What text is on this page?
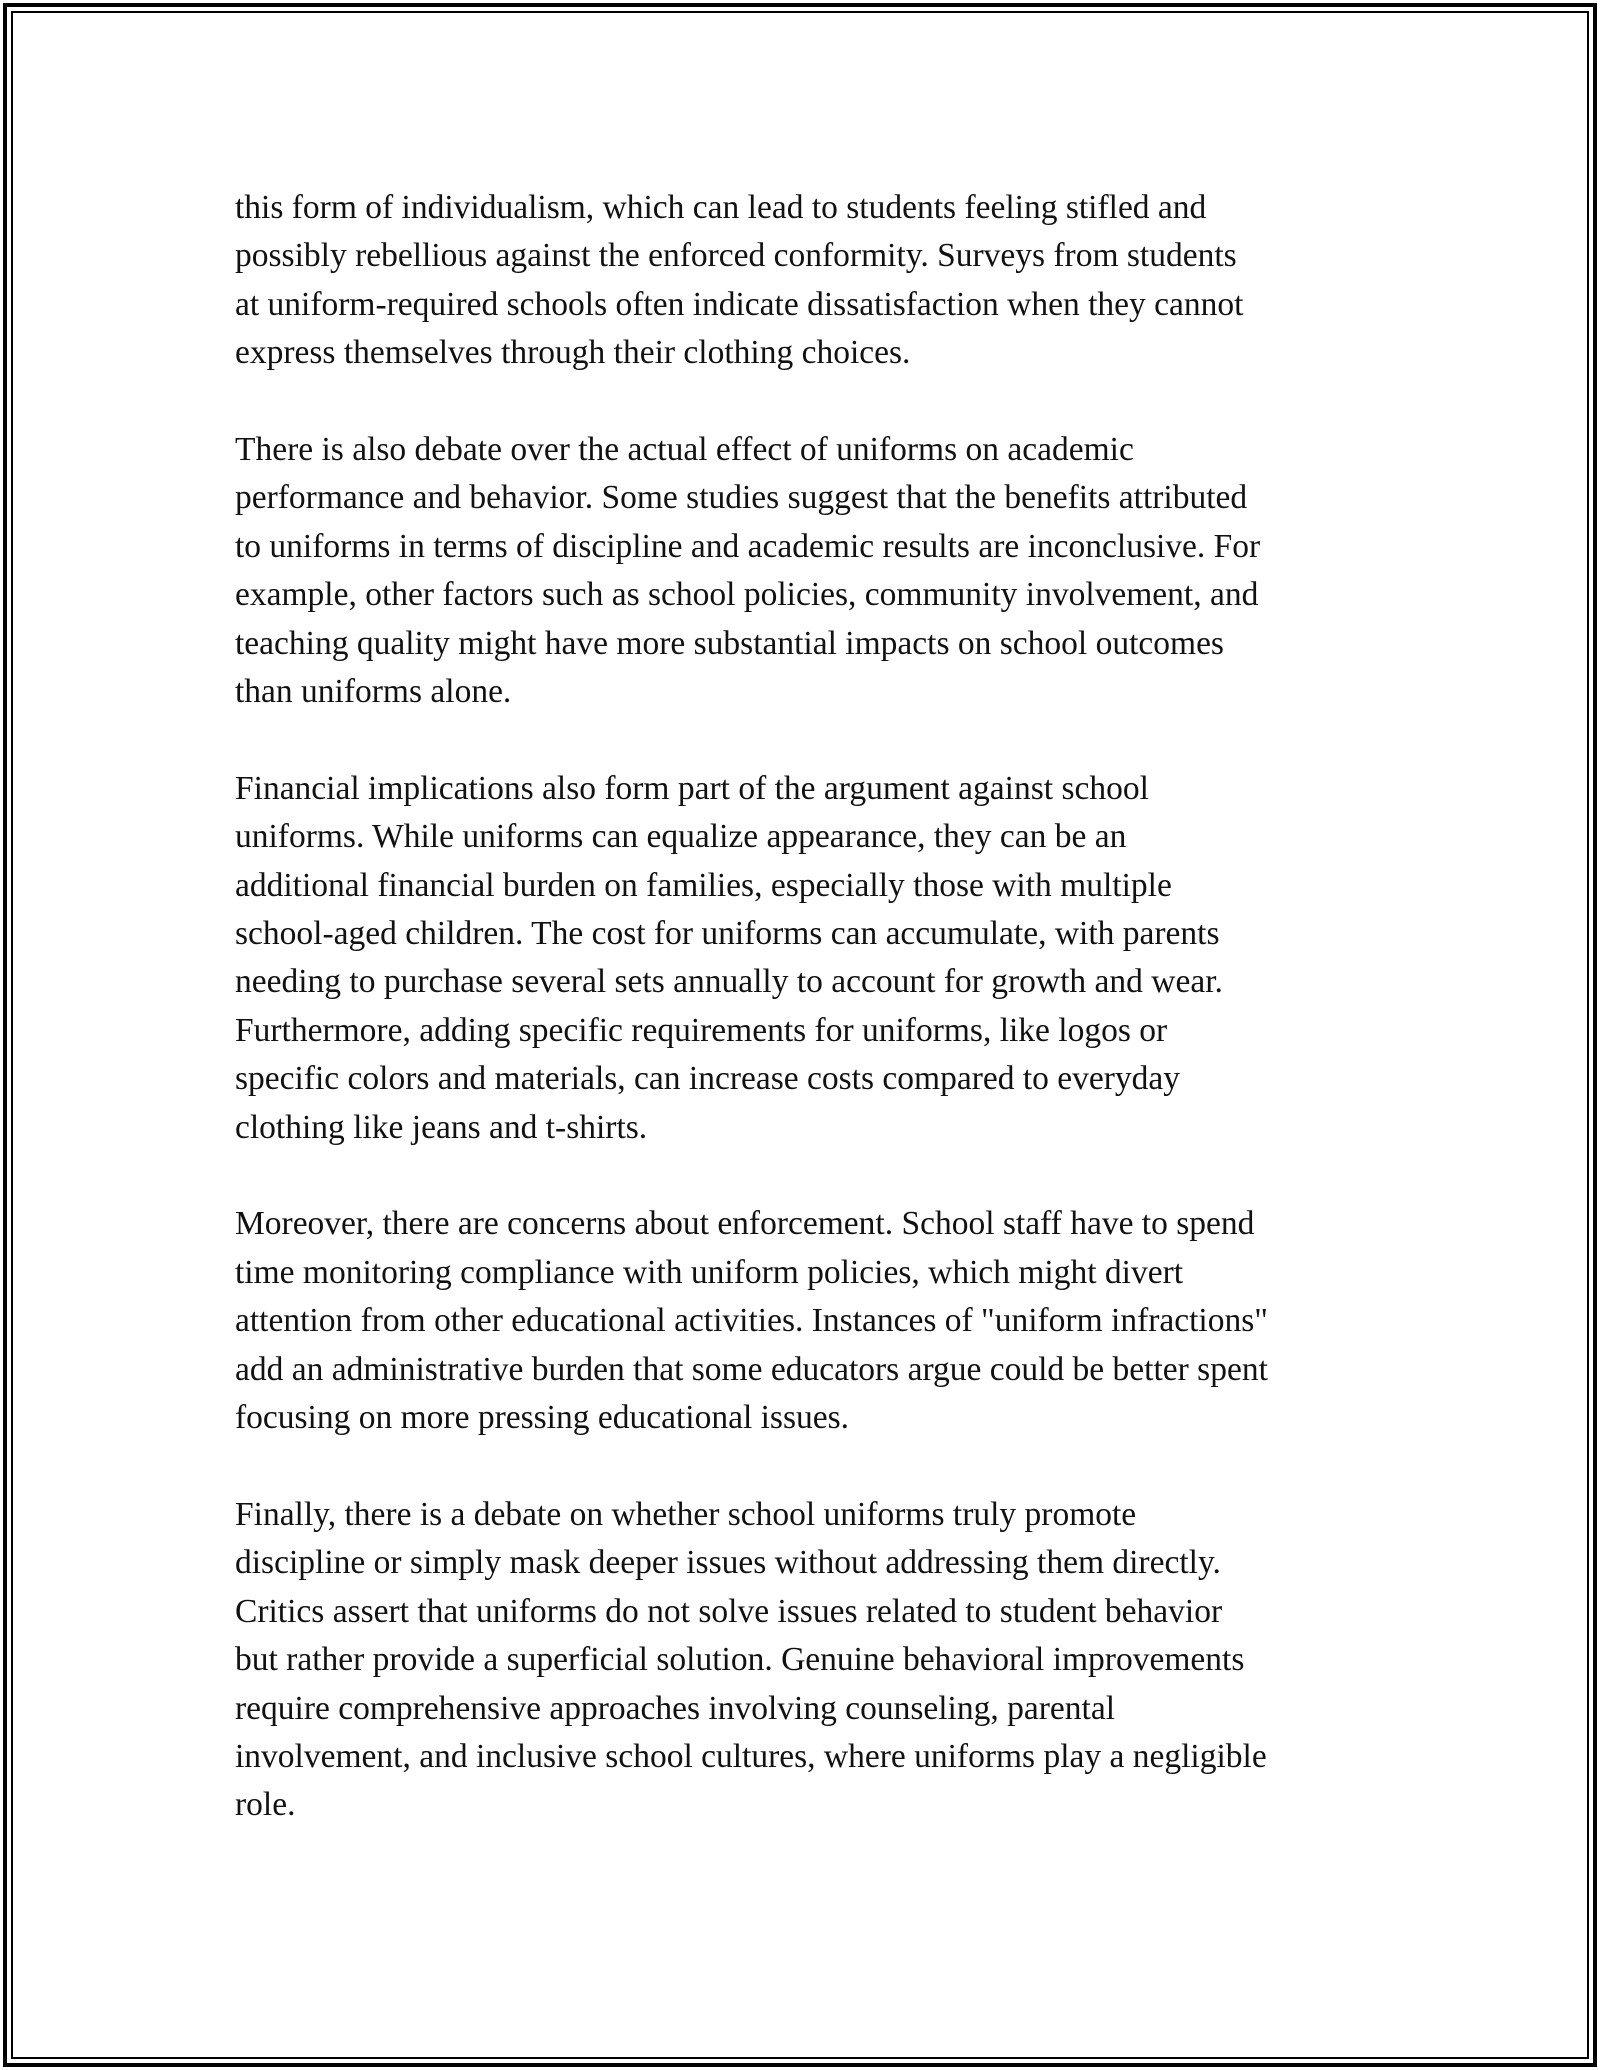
this form of individualism, which can lead to students feeling stifled and
possibly rebellious against the enforced conformity. Surveys from students
at uniform-required schools often indicate dissatisfaction when they cannot
express themselves through their clothing choices.

There is also debate over the actual effect of uniforms on academic
performance and behavior. Some studies suggest that the benefits attributed
to uniforms in terms of discipline and academic results are inconclusive. For
example, other factors such as school policies, community involvement, and
teaching quality might have more substantial impacts on school outcomes
than uniforms alone.

Financial implications also form part of the argument against school
uniforms. While uniforms can equalize appearance, they can be an
additional financial burden on families, especially those with multiple
school-aged children. The cost for uniforms can accumulate, with parents
needing to purchase several sets annually to account for growth and wear.
Furthermore, adding specific requirements for uniforms, like logos or
specific colors and materials, can increase costs compared to everyday
clothing like jeans and t-shirts.

Moreover, there are concerns about enforcement. School staff have to spend
time monitoring compliance with uniform policies, which might divert
attention from other educational activities. Instances of "uniform infractions"
add an administrative burden that some educators argue could be better spent
focusing on more pressing educational issues.

Finally, there is a debate on whether school uniforms truly promote
discipline or simply mask deeper issues without addressing them directly.
Critics assert that uniforms do not solve issues related to student behavior
but rather provide a superficial solution. Genuine behavioral improvements
require comprehensive approaches involving counseling, parental
involvement, and inclusive school cultures, where uniforms play a negligible
role.
